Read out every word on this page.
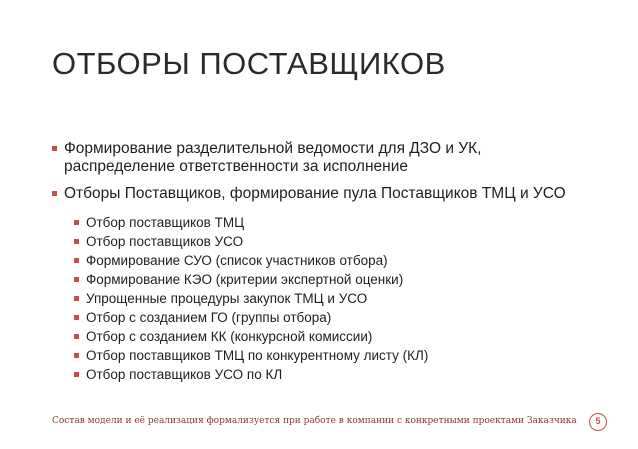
ОТБОРЫ ПОСТАВЩИКОВ
Формирование разделительной ведомости для ДЗО и УК, распределение ответственности за исполнение
Отборы Поставщиков, формирование пула Поставщиков ТМЦ и УСО
Отбор поставщиков ТМЦ
Отбор поставщиков УСО
Формирование СУО (список участников отбора)
Формирование КЭО (критерии экспертной оценки)
Упрощенные процедуры закупок ТМЦ и УСО
Отбор с созданием ГО (группы отбора)
Отбор с созданием КК (конкурсной комиссии)
Отбор поставщиков ТМЦ по конкурентному листу (КЛ)
Отбор поставщиков УСО по КЛ
Состав модели и её реализация формализуется при работе в компании с конкретными проектами Заказчика	5
